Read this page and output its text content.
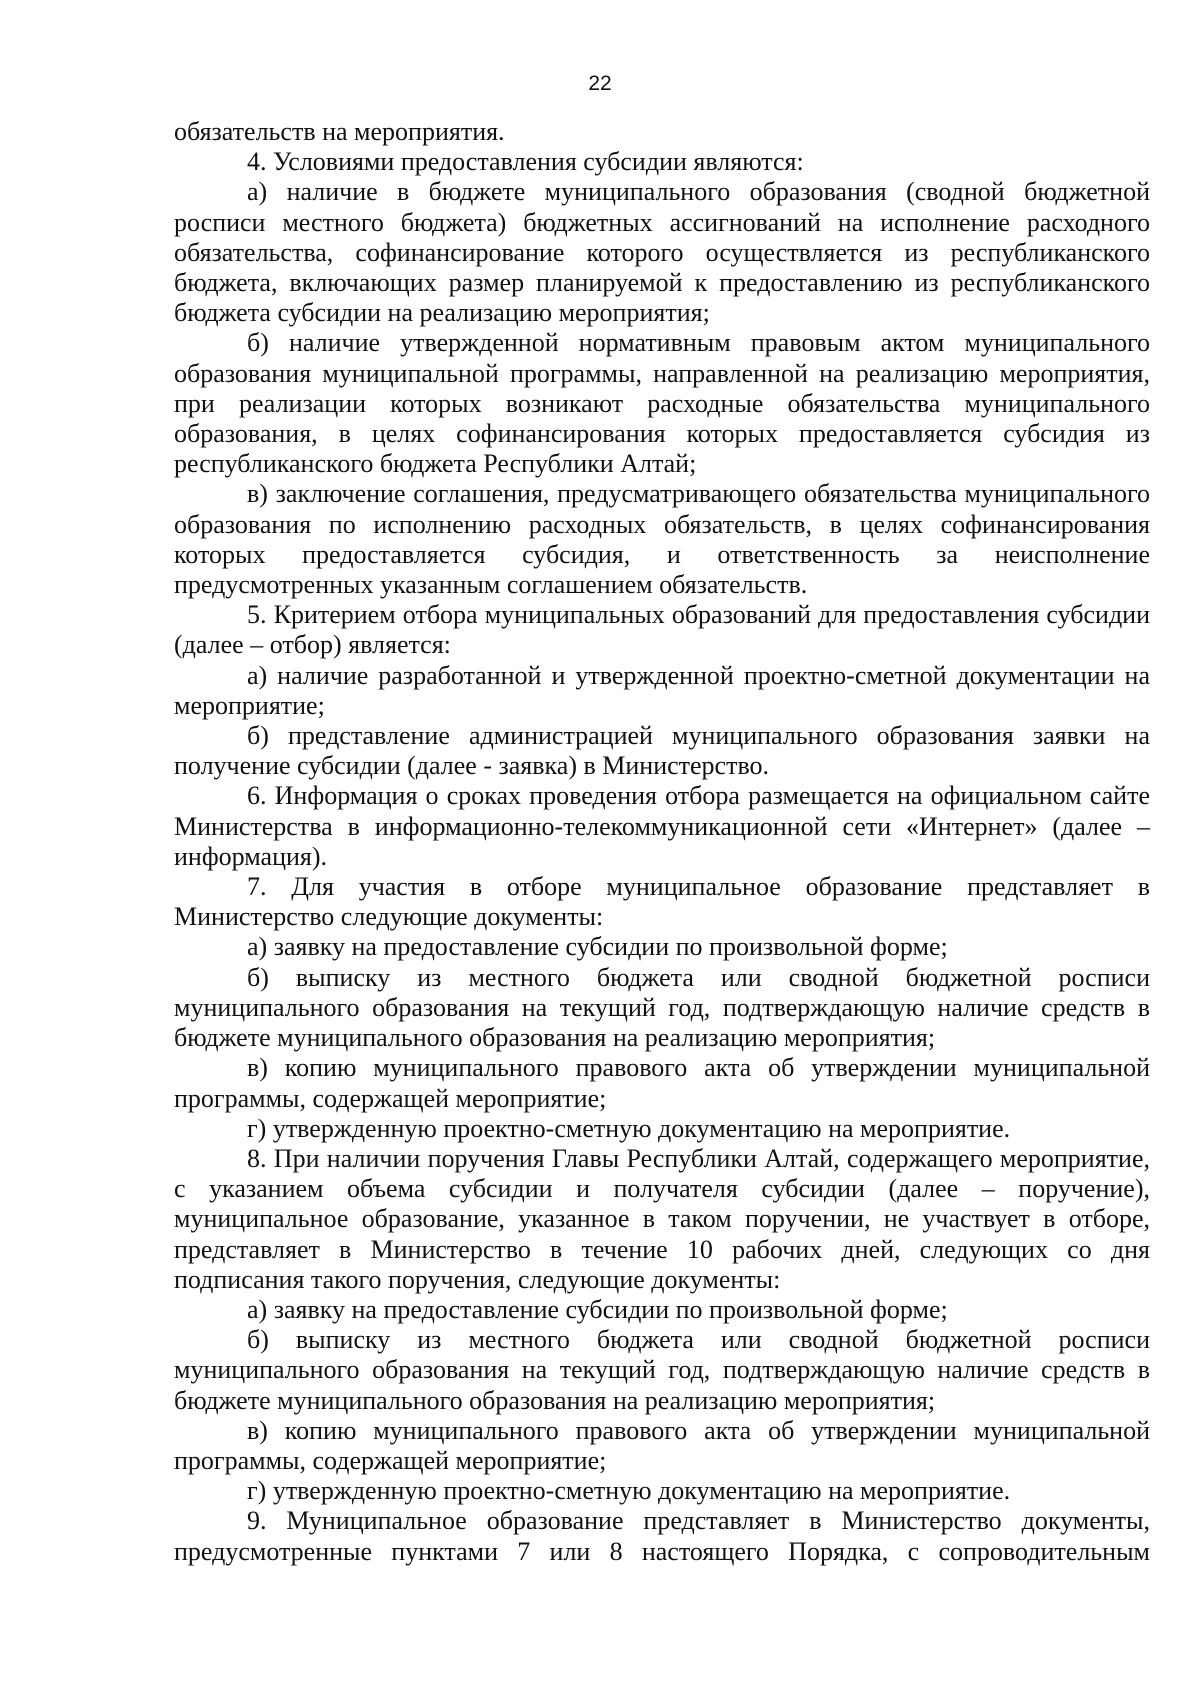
22

обязательств на мероприятия.

4. Условиями предоставления субсидии являются:

а) наличие в бюджете муниципального образования (сводной бюджетной росписи местного бюджета) бюджетных ассигнований на исполнение расходного обязательства, софинансирование которого осуществляется из республиканского бюджета, включающих размер планируемой к предоставлению из республиканского бюджета субсидии на реализацию мероприятия;

б) наличие утвержденной нормативным правовым актом муниципального образования муниципальной программы, направленной на реализацию мероприятия, при реализации которых возникают расходные обязательства муниципального образования, в целях софинансирования которых предоставляется субсидия из республиканского бюджета Республики Алтай;

в) заключение соглашения, предусматривающего обязательства муниципального образования по исполнению расходных обязательств, в целях софинансирования которых предоставляется субсидия, и ответственность за неисполнение предусмотренных указанным соглашением обязательств.

5. Критерием отбора муниципальных образований для предоставления субсидии (далее – отбор) является:

а) наличие разработанной и утвержденной проектно-сметной документации на мероприятие;

б) представление администрацией муниципального образования заявки на получение субсидии (далее - заявка) в Министерство.

6. Информация о сроках проведения отбора размещается на официальном сайте Министерства в информационно-телекоммуникационной сети «Интернет» (далее – информация).

7. Для участия в отборе муниципальное образование представляет в Министерство следующие документы:

а) заявку на предоставление субсидии по произвольной форме;

б) выписку из местного бюджета или сводной бюджетной росписи муниципального образования на текущий год, подтверждающую наличие средств в бюджете муниципального образования на реализацию мероприятия;

в) копию муниципального правового акта об утверждении муниципальной программы, содержащей мероприятие;

г) утвержденную проектно-сметную документацию на мероприятие.

8. При наличии поручения Главы Республики Алтай, содержащего мероприятие, с указанием объема субсидии и получателя субсидии (далее – поручение), муниципальное образование, указанное в таком поручении, не участвует в отборе, представляет в Министерство в течение 10 рабочих дней, следующих со дня подписания такого поручения, следующие документы:

а) заявку на предоставление субсидии по произвольной форме;

б) выписку из местного бюджета или сводной бюджетной росписи муниципального образования на текущий год, подтверждающую наличие средств в бюджете муниципального образования на реализацию мероприятия;

в) копию муниципального правового акта об утверждении муниципальной программы, содержащей мероприятие;

г) утвержденную проектно-сметную документацию на мероприятие.

9. Муниципальное образование представляет в Министерство документы, предусмотренные пунктами 7 или 8 настоящего Порядка, с сопроводительным
